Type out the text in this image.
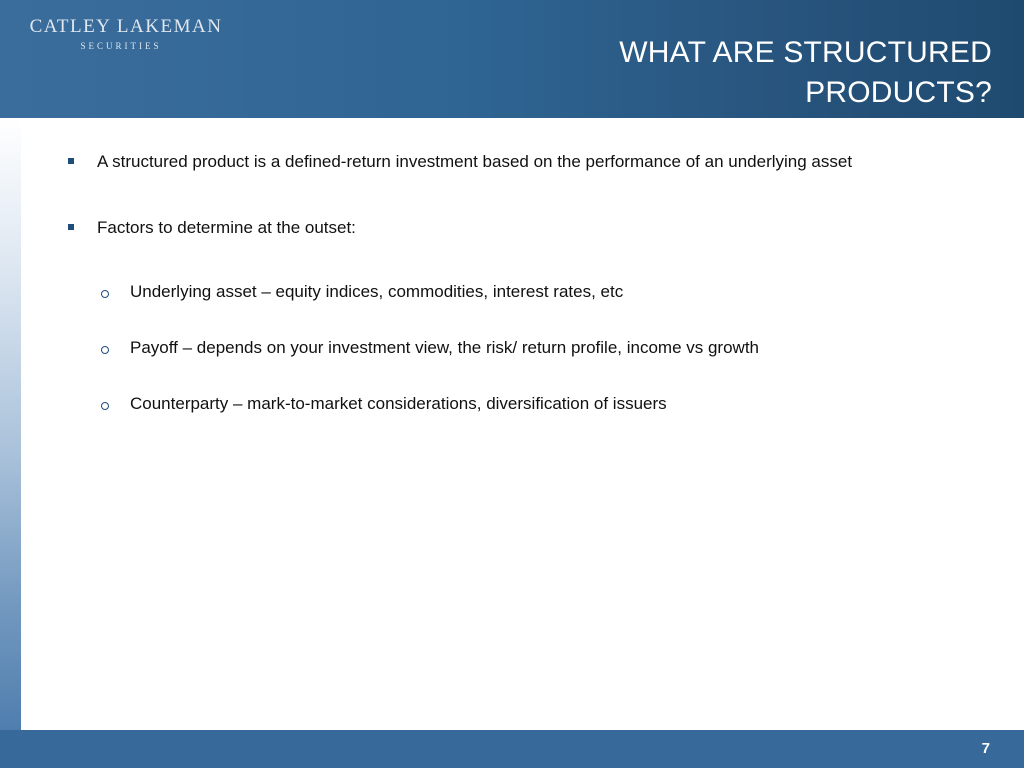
CATLEY LAKEMAN
SECURITIES	WHAT ARE STRUCTURED
PRODUCTS?
A structured product is a defined-return investment based on the performance of an underlying asset
Factors to determine at the outset:
Underlying asset – equity indices, commodities, interest rates, etc
Payoff – depends on your investment view, the risk/ return profile, income vs growth
Counterparty – mark-to-market considerations, diversification of issuers
7
